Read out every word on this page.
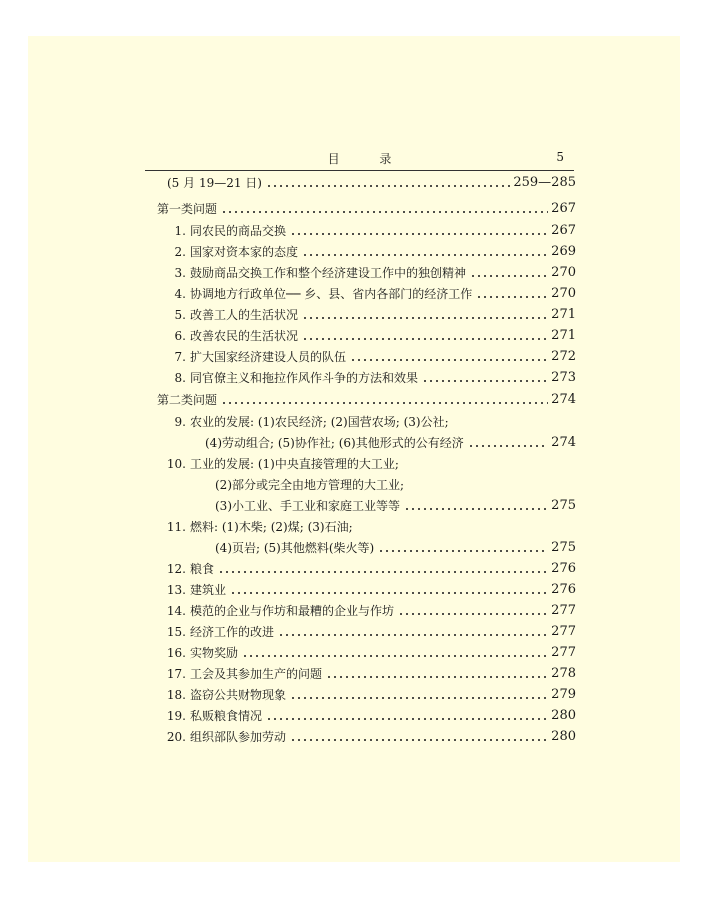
目 录	5
(5 月 19—21 日)	259—285
第一类问题	267
1. 同农民的商品交换	267
2. 国家对资本家的态度	269
3. 鼓励商品交换工作和整个经济建设工作中的独创精神	270
4. 协调地方行政单位── 乡、县、省内各部门的经济工作	270
5. 改善工人的生活状况	271
6. 改善农民的生活状况	271
7. 扩大国家经济建设人员的队伍	272
8. 同官僚主义和拖拉作风作斗争的方法和效果	273
第二类问题	274
9. 农业的发展: (1)农民经济; (2)国营农场; (3)公社;
(4)劳动组合; (5)协作社; (6)其他形式的公有经济	274
10. 工业的发展: (1)中央直接管理的大工业;
(2)部分或完全由地方管理的大工业;
(3)小工业、手工业和家庭工业等等	275
11. 燃料: (1)木柴; (2)煤; (3)石油;
(4)页岩; (5)其他燃料(柴火等)	275
12. 粮食	276
13. 建筑业	276
14. 模范的企业与作坊和最糟的企业与作坊	277
15. 经济工作的改进	277
16. 实物奖励	277
17. 工会及其参加生产的问题	278
18. 盗窃公共财物现象	279
19. 私贩粮食情况	280
20. 组织部队参加劳动	280
